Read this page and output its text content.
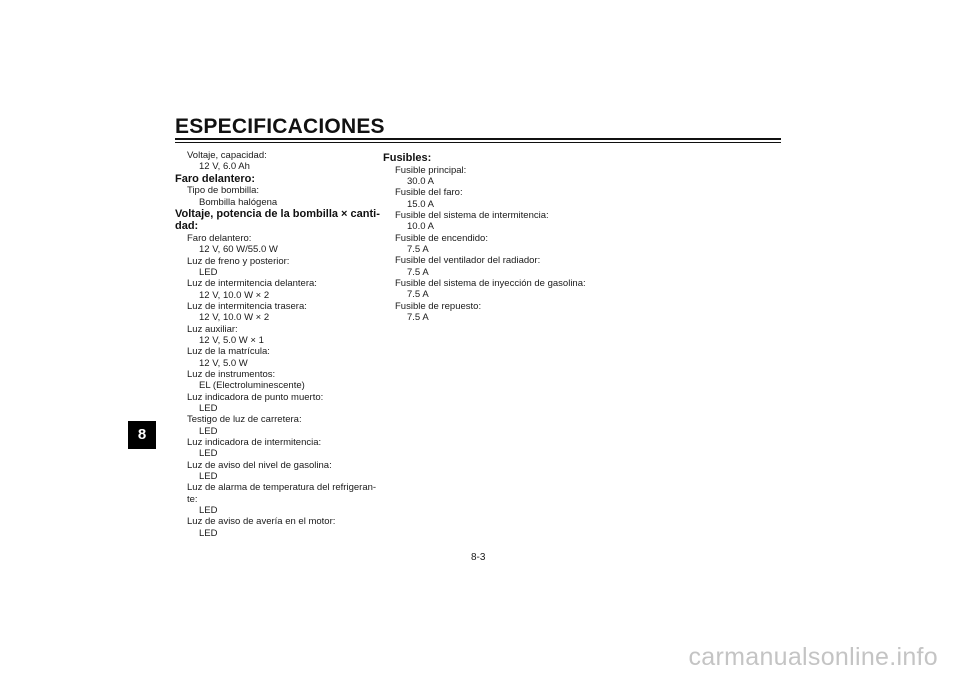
ESPECIFICACIONES
8
Voltaje, capacidad:
12 V, 6.0 Ah
Faro delantero:
Tipo de bombilla:
Bombilla halógena
Voltaje, potencia de la bombilla × canti-
dad:
Faro delantero:
12 V, 60 W/55.0 W
Luz de freno y posterior:
LED
Luz de intermitencia delantera:
12 V, 10.0 W × 2
Luz de intermitencia trasera:
12 V, 10.0 W × 2
Luz auxiliar:
12 V, 5.0 W × 1
Luz de la matrícula:
12 V, 5.0 W
Luz de instrumentos:
EL (Electroluminescente)
Luz indicadora de punto muerto:
LED
Testigo de luz de carretera:
LED
Luz indicadora de intermitencia:
LED
Luz de aviso del nivel de gasolina:
LED
Luz de alarma de temperatura del refrigeran-
te:
LED
Luz de aviso de avería en el motor:
LED
Fusibles:
Fusible principal:
30.0 A
Fusible del faro:
15.0 A
Fusible del sistema de intermitencia:
10.0 A
Fusible de encendido:
7.5 A
Fusible del ventilador del radiador:
7.5 A
Fusible del sistema de inyección de gasolina:
7.5 A
Fusible de repuesto:
7.5 A
8-3
carmanualsonline.info
